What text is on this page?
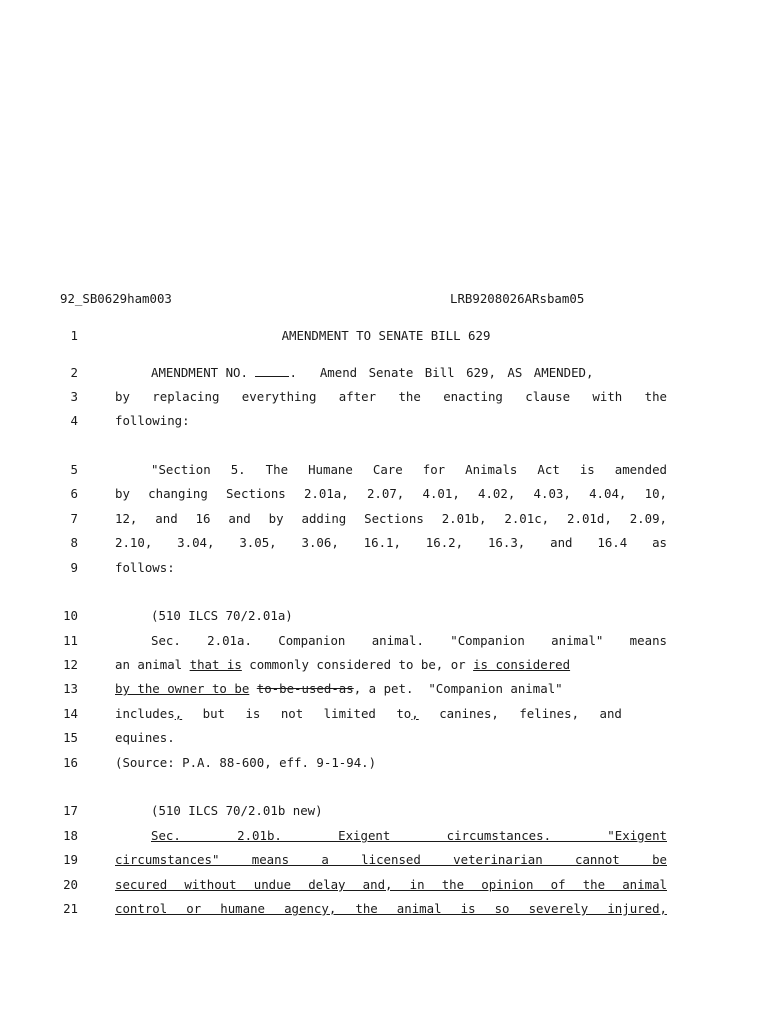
92_SB0629ham003	LRB9208026ARsbam05
1	AMENDMENT TO SENATE BILL 629
2	AMENDMENT NO.	.  Amend Senate Bill 629, AS AMENDED,
3	by replacing everything after the enacting clause with the
4	following:
5	"Section 5. The Humane Care for Animals Act is amended
6	by changing Sections 2.01a, 2.07, 4.01, 4.02, 4.03, 4.04, 10,
7	12, and 16 and by adding Sections 2.01b, 2.01c, 2.01d, 2.09,
8	2.10, 3.04, 3.05, 3.06, 16.1, 16.2, 16.3, and 16.4 as
9	follows:
10	(510 ILCS 70/2.01a)
11	Sec. 2.01a. Companion animal. "Companion animal" means
12	an animal that is commonly considered to be, or is considered
13	by the owner to be to-be-used-as, a pet.  "Companion animal"
14	includes, but is not limited to, canines, felines, and
15	equines.
16	(Source: P.A. 88-600, eff. 9-1-94.)
17	(510 ILCS 70/2.01b new)
18	Sec. 2.01b. Exigent circumstances. "Exigent
19	circumstances" means a licensed veterinarian cannot be
20	secured without undue delay and, in the opinion of the animal
21	control or humane agency, the animal is so severely injured,
